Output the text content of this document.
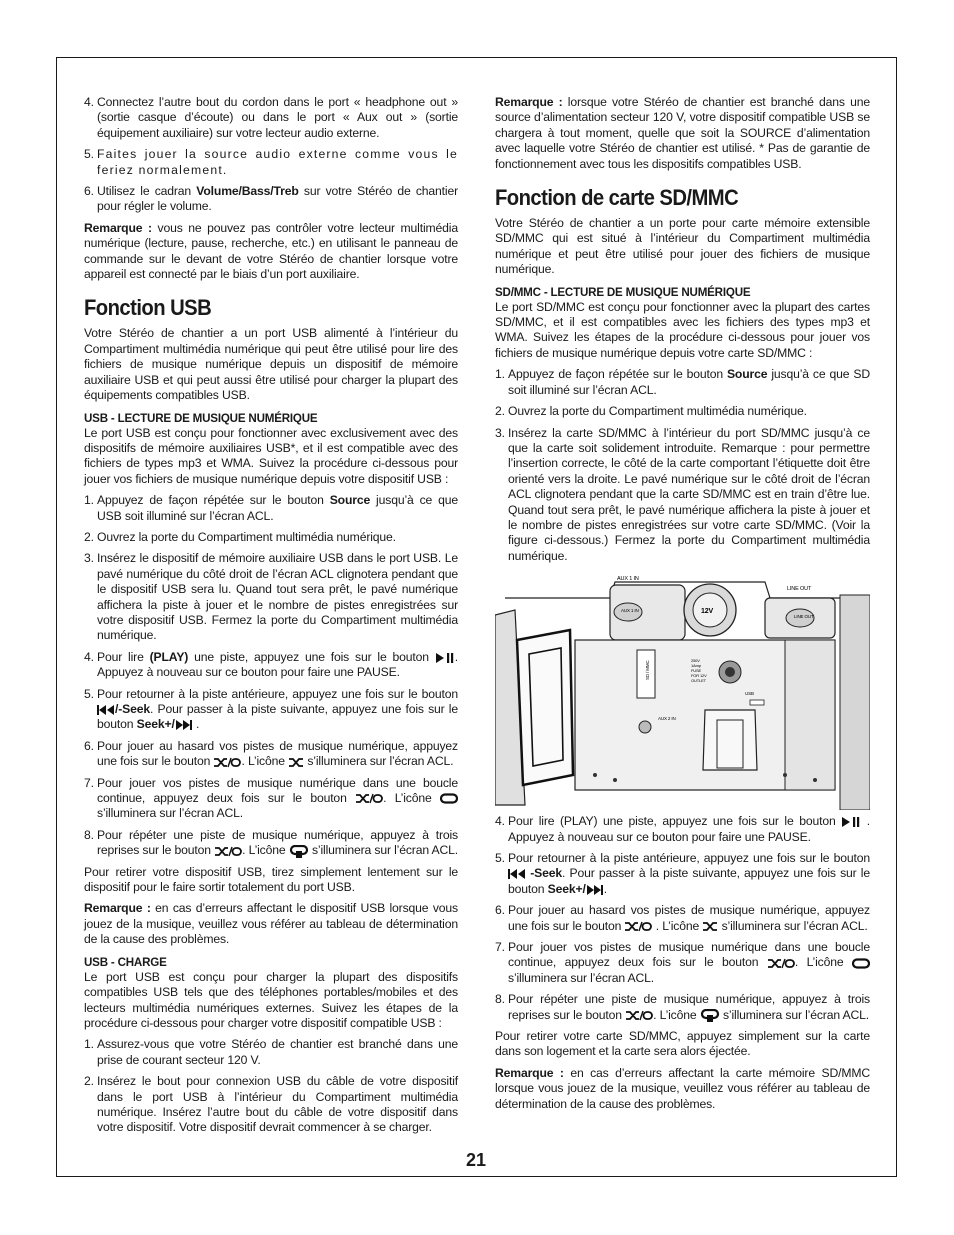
4. Connectez l’autre bout du cordon dans le port « headphone out » (sortie casque d’écoute) ou dans le port « Aux out » (sortie équipement auxiliaire) sur votre lecteur audio externe.
5. Faites jouer la source audio externe comme vous le feriez normalement.
6. Utilisez le cadran Volume/Bass/Treb sur votre Stéréo de chantier pour régler le volume.

Remarque : vous ne pouvez pas contrôler votre lecteur multimédia numérique (lecture, pause, recherche, etc.) en utilisant le panneau de commande sur le devant de votre Stéréo de chantier lorsque votre appareil est connecté par le biais d’un port auxiliaire.

Fonction USB

Votre Stéréo de chantier a un port USB alimenté à l’intérieur du Compartiment multimédia numérique qui peut être utilisé pour lire des fichiers de musique numérique depuis un dispositif de mémoire auxiliaire USB et qui peut aussi être utilisé pour charger la plupart des équipements compatibles USB.

USB - LECTURE DE MUSIQUE NUMÉRIQUE

Le port USB est conçu pour fonctionner avec exclusivement avec des dispositifs de mémoire auxiliaires USB*, et il est compatible avec des fichiers de types mp3 et WMA. Suivez la procédure ci-dessous pour jouer vos fichiers de musique numérique depuis votre dispositif USB :

1. Appuyez de façon répétée sur le bouton Source jusqu’à ce que USB soit illuminé sur l’écran ACL.
2. Ouvrez la porte du Compartiment multimédia numérique.
3. Insérez le dispositif de mémoire auxiliaire USB dans le port USB. Le pavé numérique du côté droit de l’écran ACL clignotera pendant que le dispositif USB sera lu. Quand tout sera prêt, le pavé numérique affichera la piste à jouer et le nombre de pistes enregistrées sur votre dispositif USB. Fermez la porte du Compartiment multimédia numérique.
4. Pour lire (PLAY) une piste, appuyez une fois sur le bouton . Appuyez à nouveau sur ce bouton pour faire une PAUSE.
5. Pour retourner à la piste antérieure, appuyez une fois sur le bouton /-Seek. Pour passer à la piste suivante, appuyez une fois sur le bouton Seek+/ .
6. Pour jouer au hasard vos pistes de musique numérique, appuyez une fois sur le bouton . L’icône  s’illuminera sur l’écran ACL.
7. Pour jouer vos pistes de musique numérique dans une boucle continue, appuyez deux fois sur le bouton . L’icône  s’illuminera sur l’écran ACL.
8. Pour répéter une piste de musique numérique, appuyez à trois reprises sur le bouton . L’icône  s’illuminera sur l’écran ACL.

Pour retirer votre dispositif USB, tirez simplement lentement sur le dispositif pour le faire sortir totalement du port USB.

Remarque : en cas d’erreurs affectant le dispositif USB lorsque vous jouez de la musique, veuillez vous référer au tableau de détermination de la cause des problèmes.

USB - CHARGE

Le port USB est conçu pour charger la plupart des dispositifs compatibles USB tels que des téléphones portables/mobiles et des lecteurs multimédia numériques externes. Suivez les étapes de la procédure ci-dessous pour charger votre dispositif compatible USB :

1. Assurez-vous que votre Stéréo de chantier est branché dans une prise de courant secteur 120 V.
2. Insérez le bout pour connexion USB du câble de votre dispositif dans le port USB à l’intérieur du Compartiment multimédia numérique. Insérez l’autre bout du câble de votre dispositif dans votre dispositif. Votre dispositif devrait commencer à se charger.

Remarque : lorsque votre Stéréo de chantier est branché dans une source d’alimentation secteur 120 V, votre dispositif compatible USB se chargera à tout moment, quelle que soit la SOURCE d’alimentation avec laquelle votre Stéréo de chantier est utilisé. * Pas de garantie de fonctionnement avec tous les dispositifs compatibles USB.

Fonction de carte SD/MMC

Votre Stéréo de chantier a un porte pour carte mémoire extensible SD/MMC qui est situé à l’intérieur du Compartiment multimédia numérique et peut être utilisé pour jouer des fichiers de musique numérique.

SD/MMC - LECTURE DE MUSIQUE NUMÉRIQUE

Le port SD/MMC est conçu pour fonctionner avec la plupart des cartes SD/MMC, et il est compatibles avec les fichiers des types mp3 et WMA. Suivez les étapes de la procédure ci-dessous pour jouer vos fichiers de musique numérique depuis votre carte SD/MMC :

1. Appuyez de façon répétée sur le bouton Source jusqu’à ce que SD soit illuminé sur l’écran ACL.
2. Ouvrez la porte du Compartiment multimédia numérique.
3. Insérez la carte SD/MMC à l’intérieur du port SD/MMC jusqu’à ce que la carte soit solidement introduite. Remarque : pour permettre l’insertion correcte, le côté de la carte comportant l’étiquette doit être orienté vers la droite. Le pavé numérique sur le côté droit de l’écran ACL clignotera pendant que la carte SD/MMC est en train d’être lue. Quand tout sera prêt, le pavé numérique affichera la piste à jouer et le nombre de pistes enregistrées sur votre carte SD/MMC. (Voir la figure ci-dessous.) Fermez la porte du Compartiment multimédia numérique.
AUX 1 IN
LINE OUT
AUX 1 IN	12V
LINE OUT
SD / MMC	250V
1Amp
FUSE
FOR 12V
OUTLET
USB
AUX 2 IN
4. Pour lire (PLAY) une piste, appuyez une fois sur le bouton  . Appuyez à nouveau sur ce bouton pour faire une PAUSE.
5. Pour retourner à la piste antérieure, appuyez une fois sur le bouton  -Seek. Pour passer à la piste suivante, appuyez une fois sur le bouton Seek+/ .
6. Pour jouer au hasard vos pistes de musique numérique, appuyez une fois sur le bouton  . L’icône  s’illuminera sur l’écran ACL.
7. Pour jouer vos pistes de musique numérique dans une boucle continue, appuyez deux fois sur le bouton . L’icône  s’illuminera sur l’écran ACL.
8. Pour répéter une piste de musique numérique, appuyez à trois reprises sur le bouton . L’icône  s’illuminera sur l’écran ACL.

Pour retirer votre carte SD/MMC, appuyez simplement sur la carte dans son logement et la carte sera alors éjectée.

Remarque : en cas d’erreurs affectant la carte mémoire SD/MMC lorsque vous jouez de la musique, veuillez vous référer au tableau de détermination de la cause des problèmes.

21
